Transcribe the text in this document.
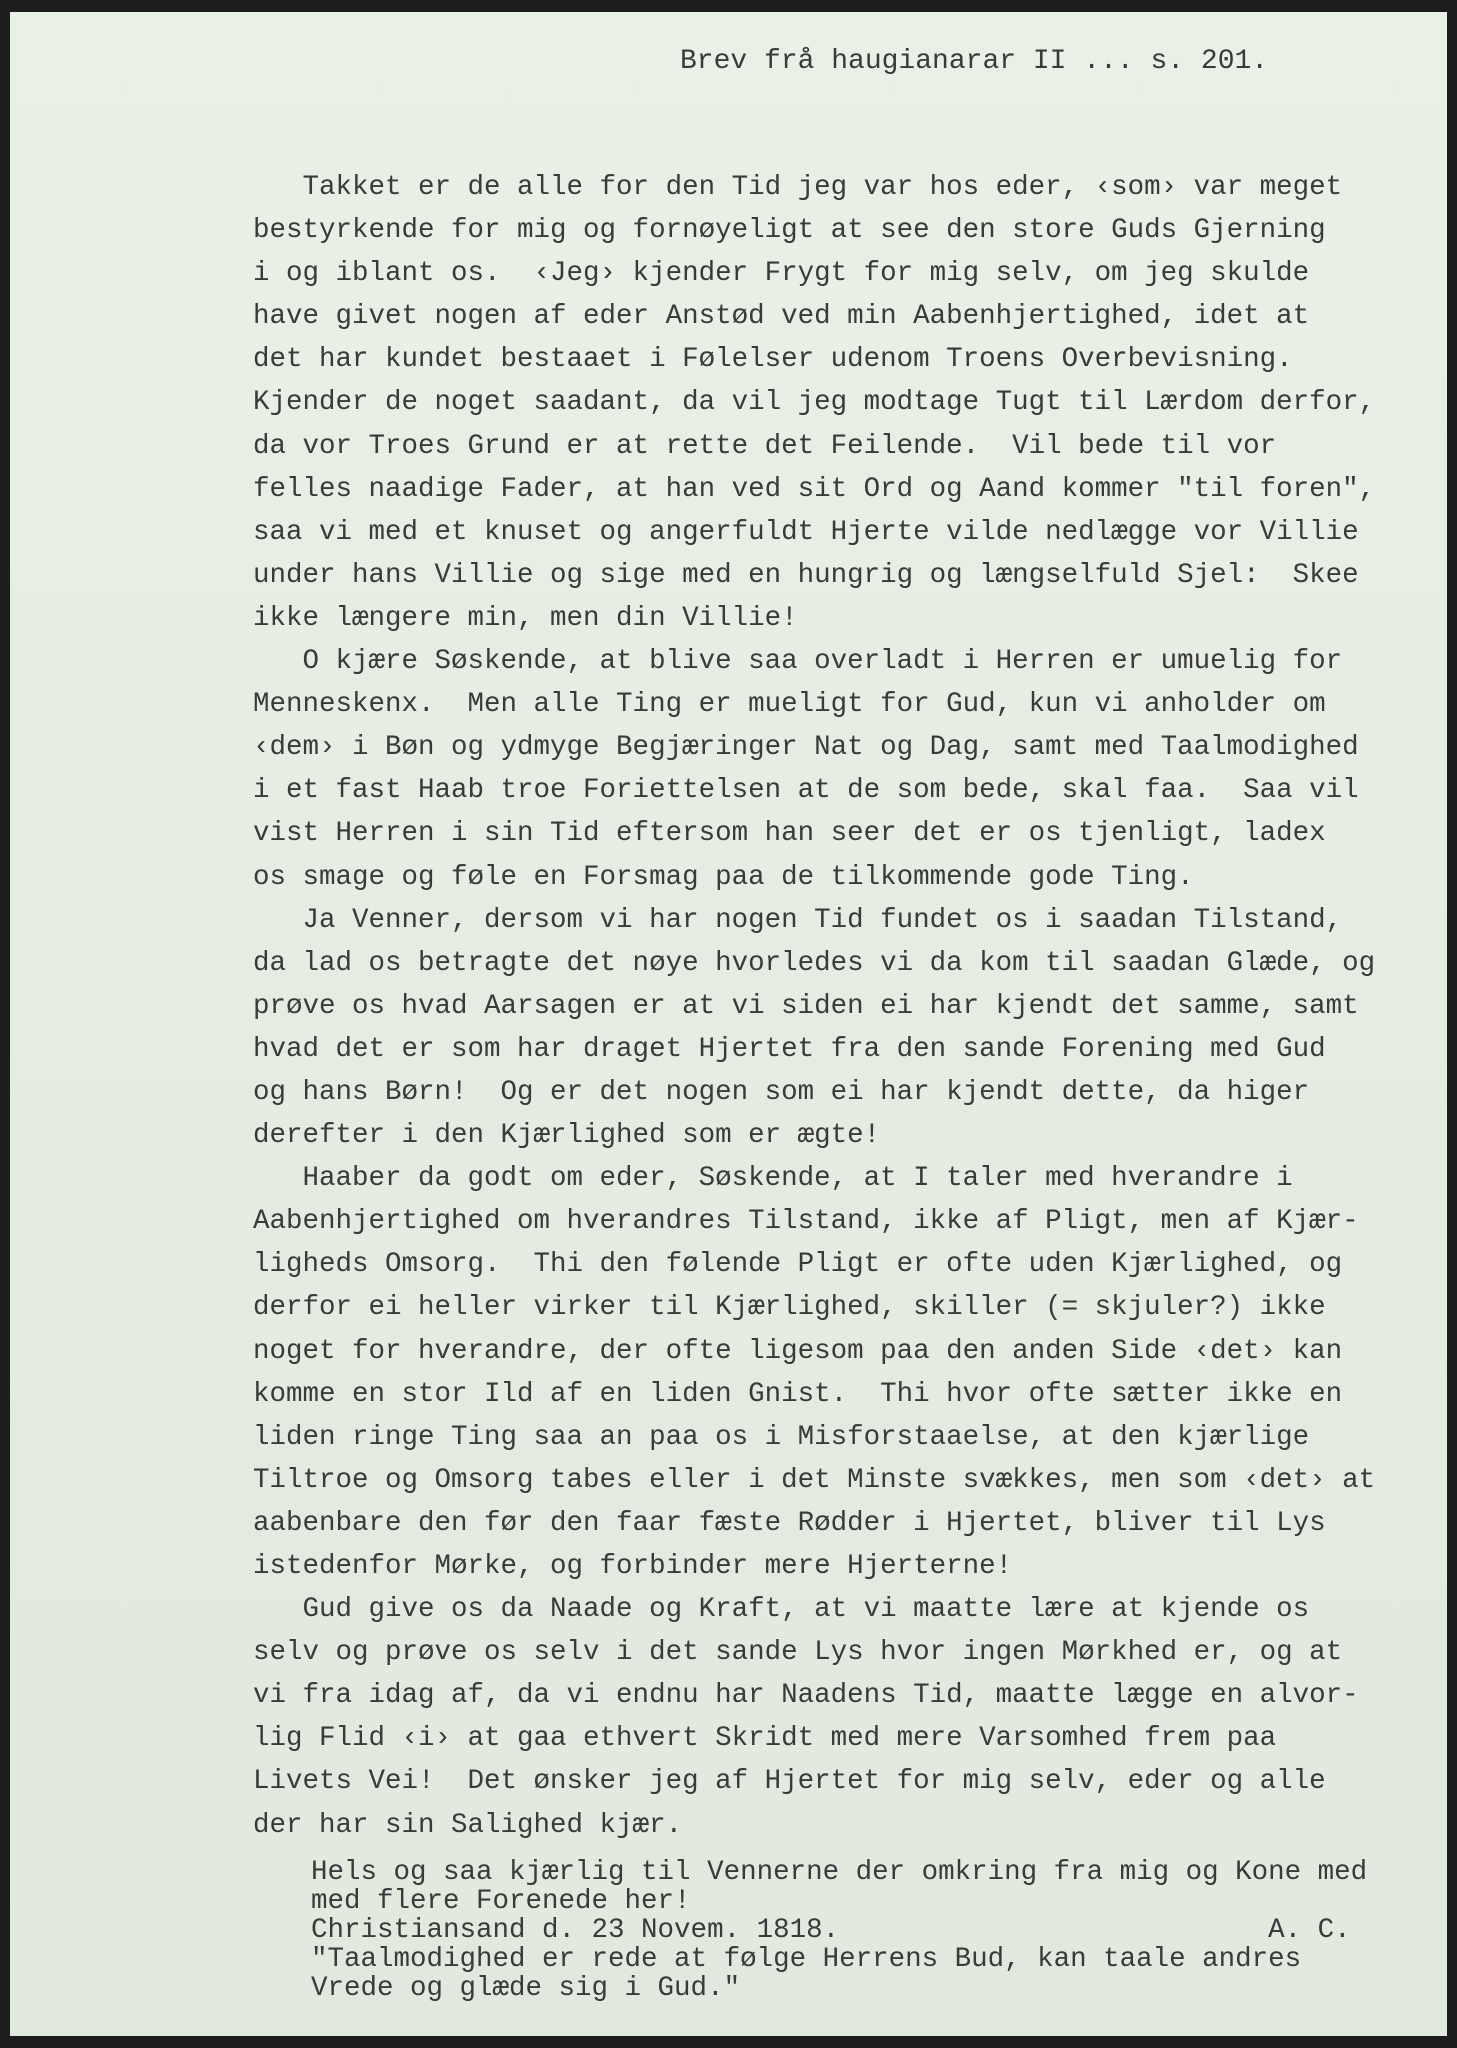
Brev frå haugianarar II ... s. 201.
Takket er de alle for den Tid jeg var hos eder, ‹som› var meget
bestyrkende for mig og fornøyeligt at see den store Guds Gjerning
i og iblant os.  ‹Jeg› kjender Frygt for mig selv, om jeg skulde
have givet nogen af eder Anstød ved min Aabenhjertighed, idet at
det har kundet bestaaet i Følelser udenom Troens Overbevisning.
Kjender de noget saadant, da vil jeg modtage Tugt til Lærdom derfor,
da vor Troes Grund er at rette det Feilende.  Vil bede til vor
felles naadige Fader, at han ved sit Ord og Aand kommer "til foren",
saa vi med et knuset og angerfuldt Hjerte vilde nedlægge vor Villie
under hans Villie og sige med en hungrig og længselfuld Sjel:  Skee
ikke længere min, men din Villie!
O kjære Søskende, at blive saa overladt i Herren er umuelig for
Menneskenx.  Men alle Ting er mueligt for Gud, kun vi anholder om
‹dem› i Bøn og ydmyge Begjæringer Nat og Dag, samt med Taalmodighed
i et fast Haab troe Foriettelsen at de som bede, skal faa.  Saa vil
vist Herren i sin Tid eftersom han seer det er os tjenligt, ladex
os smage og føle en Forsmag paa de tilkommende gode Ting.
Ja Venner, dersom vi har nogen Tid fundet os i saadan Tilstand,
da lad os betragte det nøye hvorledes vi da kom til saadan Glæde, og
prøve os hvad Aarsagen er at vi siden ei har kjendt det samme, samt
hvad det er som har draget Hjertet fra den sande Forening med Gud
og hans Børn!  Og er det nogen som ei har kjendt dette, da higer
derefter i den Kjærlighed som er ægte!
Haaber da godt om eder, Søskende, at I taler med hverandre i
Aabenhjertighed om hverandres Tilstand, ikke af Pligt, men af Kjær-
ligheds Omsorg.  Thi den følende Pligt er ofte uden Kjærlighed, og
derfor ei heller virker til Kjærlighed, skiller (= skjuler?) ikke
noget for hverandre, der ofte ligesom paa den anden Side ‹det› kan
komme en stor Ild af en liden Gnist.  Thi hvor ofte sætter ikke en
liden ringe Ting saa an paa os i Misforstaaelse, at den kjærlige
Tiltroe og Omsorg tabes eller i det Minste svækkes, men som ‹det› at
aabenbare den før den faar fæste Rødder i Hjertet, bliver til Lys
istedenfor Mørke, og forbinder mere Hjerterne!
Gud give os da Naade og Kraft, at vi maatte lære at kjende os
selv og prøve os selv i det sande Lys hvor ingen Mørkhed er, og at
vi fra idag af, da vi endnu har Naadens Tid, maatte lægge en alvor-
lig Flid ‹i› at gaa ethvert Skridt med mere Varsomhed frem paa
Livets Vei!  Det ønsker jeg af Hjertet for mig selv, eder og alle
der har sin Salighed kjær.
Hels og saa kjærlig til Vennerne der omkring fra mig og Kone med
med flere Forenede her!
Christiansand d. 23 Novem. 1818.                          A. C.
"Taalmodighed er rede at følge Herrens Bud, kan taale andres
Vrede og glæde sig i Gud."
